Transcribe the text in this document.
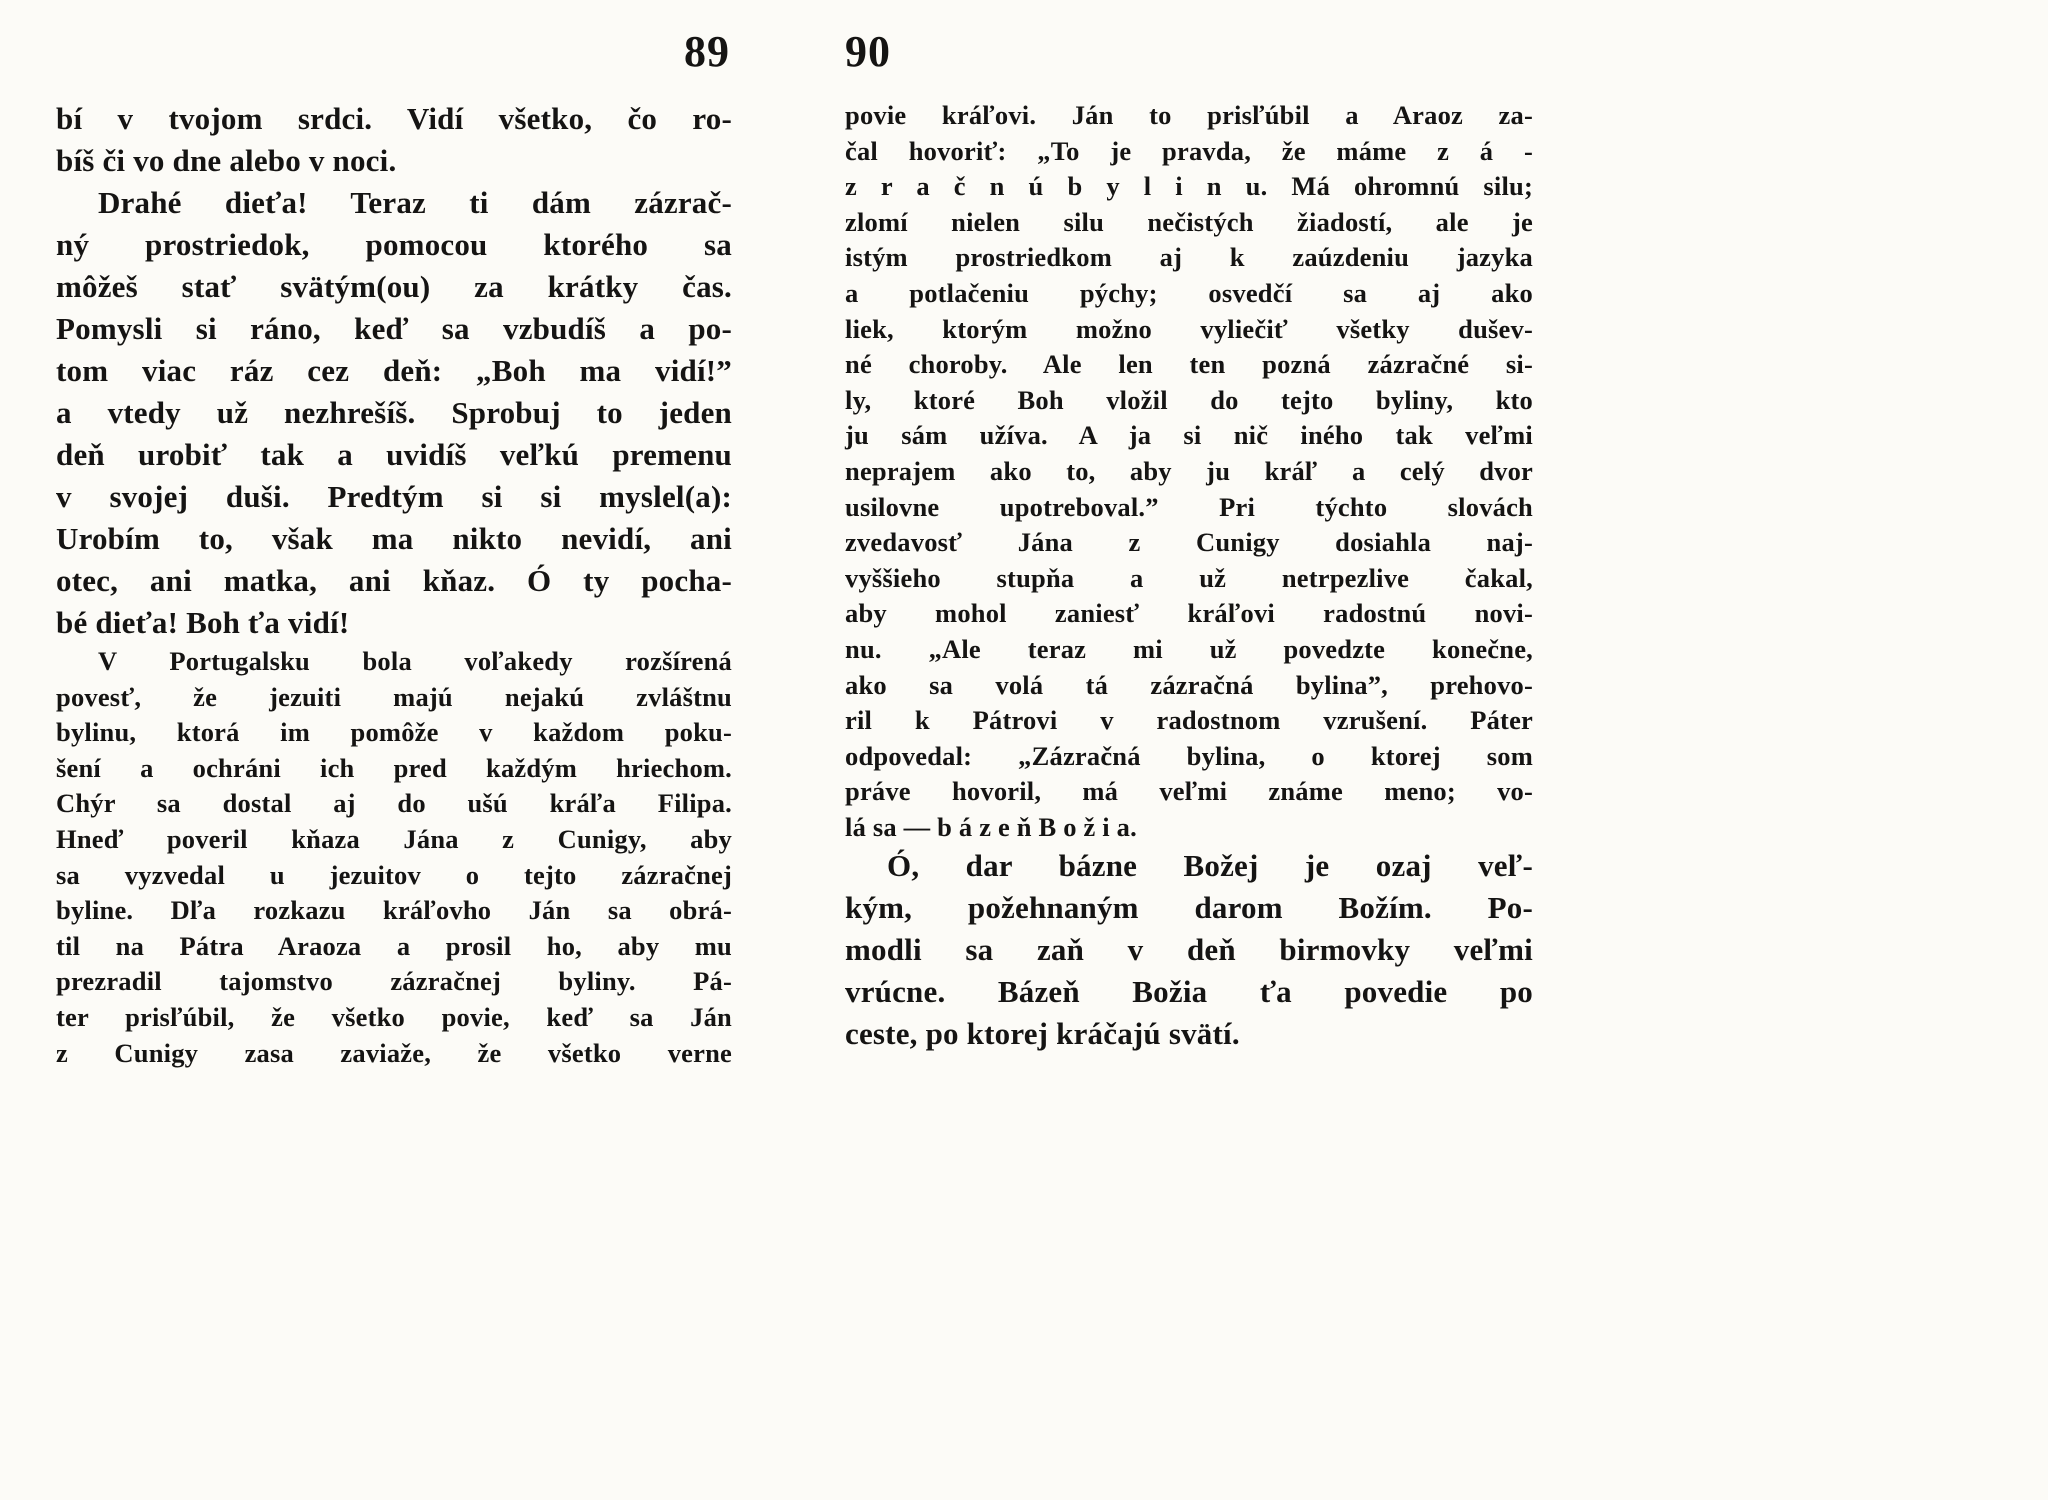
89	90
bí v tvojom srdci. Vidí všetko, čo ro-
bíš či vo dne alebo v noci.
Drahé dieťa! Teraz ti dám zázrač-
ný prostriedok, pomocou ktorého sa
môžeš stať svätým(ou) za krátky čas.
Pomysli si ráno, keď sa vzbudíš a po-
tom viac ráz cez deň: „Boh ma vidí!”
a vtedy už nezhrešíš. Sprobuj to jeden
deň urobiť tak a uvidíš veľkú premenu
v svojej duši. Predtým si si myslel(a):
Urobím to, však ma nikto nevidí, ani
otec, ani matka, ani kňaz. Ó ty pocha-
bé dieťa! Boh ťa vidí!
V Portugalsku bola voľakedy rozšírená
povesť, že jezuiti majú nejakú zvláštnu
bylinu, ktorá im pomôže v každom poku-
šení a ochráni ich pred každým hriechom.
Chýr sa dostal aj do ušú kráľa Filipa.
Hneď poveril kňaza Jána z Cunigy, aby
sa vyzvedal u jezuitov o tejto zázračnej
byline. Dľa rozkazu kráľovho Ján sa obrá-
til na Pátra Araoza a prosil ho, aby mu
prezradil tajomstvo zázračnej byliny. Pá-
ter prisľúbil, že všetko povie, keď sa Ján
z Cunigy zasa zaviaže, že všetko verne
povie kráľovi. Ján to prisľúbil a Araoz za-
čal hovoriť: „To je pravda, že máme z á -
z r a č n ú b y l i n u. Má ohromnú silu;
zlomí nielen silu nečistých žiadostí, ale je
istým prostriedkom aj k zaúzdeniu jazyka
a potlačeniu pýchy; osvedčí sa aj ako
liek, ktorým možno vyliečiť všetky dušev-
né choroby. Ale len ten pozná zázračné si-
ly, ktoré Boh vložil do tejto byliny, kto
ju sám užíva. A ja si nič iného tak veľmi
neprajem ako to, aby ju kráľ a celý dvor
usilovne upotreboval.” Pri týchto slovách
zvedavosť Jána z Cunigy dosiahla naj-
vyššieho stupňa a už netrpezlive čakal,
aby mohol zaniesť kráľovi radostnú novi-
nu. „Ale teraz mi už povedzte konečne,
ako sa volá tá zázračná bylina”, prehovo-
ril k Pátrovi v radostnom vzrušení. Páter
odpovedal: „Zázračná bylina, o ktorej som
práve hovoril, má veľmi známe meno; vo-
lá sa — b á z e ň B o ž i a.
Ó, dar bázne Božej je ozaj veľ-
kým, požehnaným darom Božím. Po-
modli sa zaň v deň birmovky veľmi
vrúcne. Bázeň Božia ťa povedie po
ceste, po ktorej kráčajú svätí.
